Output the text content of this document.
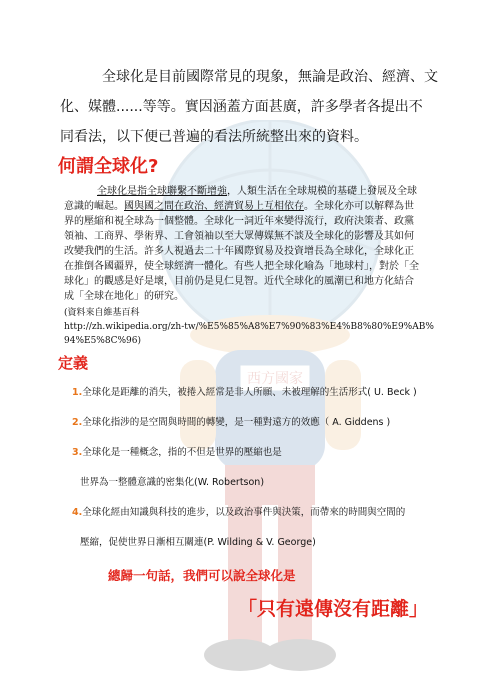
西方國家
全球化是目前國際常見的現象，無論是政治、經濟、文
化、媒體......等等。實因涵蓋方面甚廣，許多學者各提出不
同看法，以下便已普遍的看法所統整出來的資料。
何謂全球化?
全球化是指全球聯繫不斷增強，人類生活在全球規模的基礎上發展及全球
意識的崛起。國與國之間在政治、經濟貿易上互相依存。全球化亦可以解釋為世
界的壓縮和視全球為一個整體。全球化一詞近年來變得流行，政府決策者、政黨
領袖、工商界、學術界、工會領袖以至大眾傳媒無不談及全球化的影響及其如何
改變我們的生活。許多人視過去二十年國際貿易及投資增長為全球化，全球化正
在推倒各國疆界，使全球經濟一體化。有些人把全球化喻為「地球村」，對於「全
球化」的觀感是好是壞，目前仍是見仁見智。近代全球化的風潮已和地方化結合
成「全球在地化」的研究。
(資料來自維基百科
http://zh.wikipedia.org/zh-tw/%E5%85%A8%E7%90%83%E4%B8%80%E9%AB%94%E5%8C%96)
定義
1.全球化是距離的消失，被捲入經常是非人所願、未被理解的生活形式( U. Beck )
2.全球化指涉的是空間與時間的轉變，是一種對遠方的效應（ A. Giddens )
3.全球化是一種概念，指的不但是世界的壓縮也是
世界為一整體意識的密集化(W. Robertson)
4.全球化經由知識與科技的進步，以及政治事件與決策，而帶來的時間與空間的
壓縮，促使世界日漸相互關連(P. Wilding & V. George)
總歸一句話，我們可以說全球化是
「只有遠傳沒有距離」
